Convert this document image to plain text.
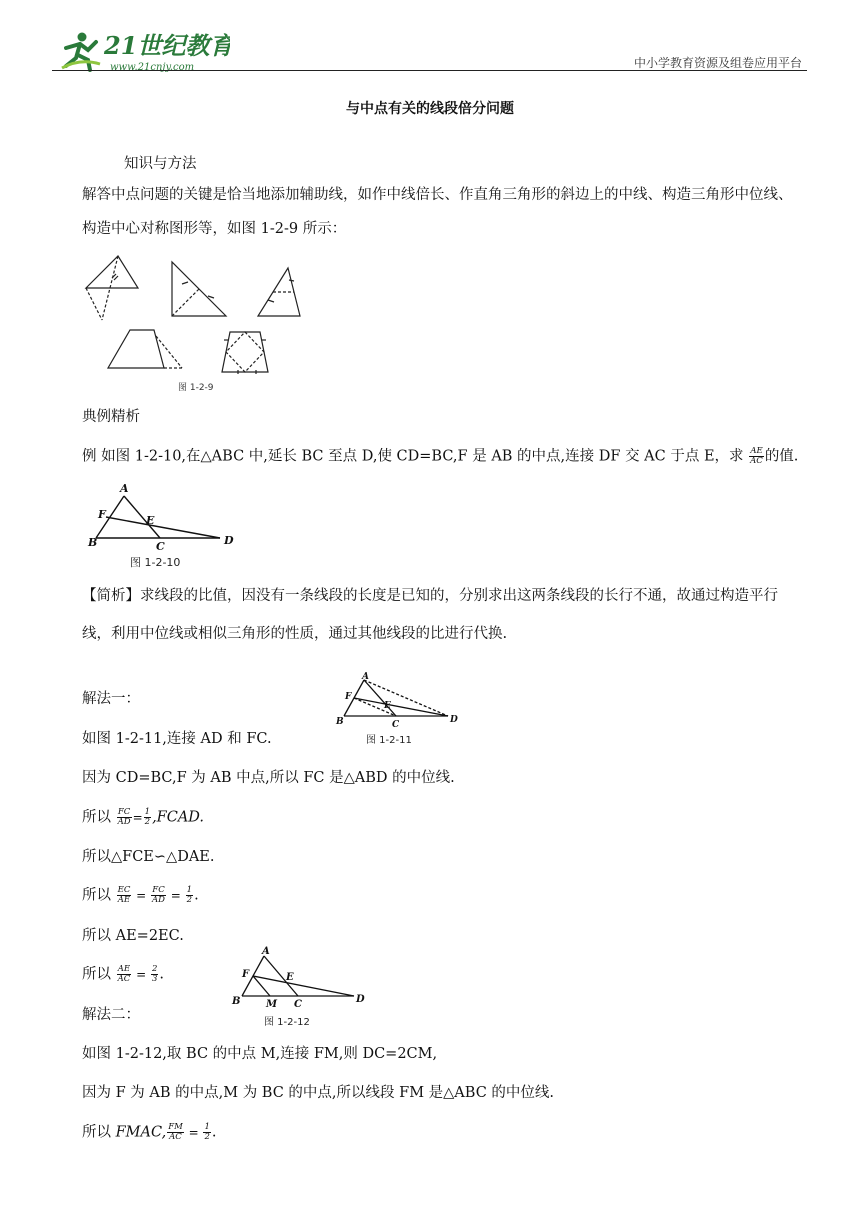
21世纪教育
www.21cnjy.com	中小学教育资源及组卷应用平台
与中点有关的线段倍分问题
知识与方法
解答中点问题的关键是恰当地添加辅助线，如作中线倍长、作直角三角形的斜边上的中线、构造三角形中位线、
构造中心对称图形等，如图 1-2-9 所示：
图 1-2-9
典例精析
例 如图 1-2-10,在△ABC 中,延长 BC 至点 D,使 CD=BC,F 是 AB 的中点,连接 DF 交 AC 于点 E，求 $\frac{AE}{AC}$ 的值.
A
F	E
B	C	D
图 1-2-10
【简析】求线段的比值，因没有一条线段的长度是已知的，分别求出这两条线段的长行不通，故通过构造平行
线，利用中位线或相似三角形的性质，通过其他线段的比进行代换.
解法一：
如图 1-2-11,连接 AD 和 FC.
因为 CD=BC,F 为 AB 中点,所以 FC 是△ABD 的中位线.
所以 $\frac{FC}{AD} = \frac{1}{2}$ ,FCAD.
所以△FCE∽△DAE.
所以 $\frac{EC}{AE} = \frac{FC}{AD} = \frac{1}{2}$ .
所以 AE=2EC.
所以 $\frac{AE}{AC} = \frac{2}{3}$ .
A
F
E
B	C	D
图 1-2-11
A
F	E
B	M C	D
图 1-2-12
解法二：
如图 1-2-12,取 BC 的中点 M,连接 FM,则 DC=2CM,
因为 F 为 AB 的中点,M 为 BC 的中点,所以线段 FM 是△ABC 的中位线.
所以 FMAC, $\frac{FM}{AC} = \frac{1}{2}$ .
